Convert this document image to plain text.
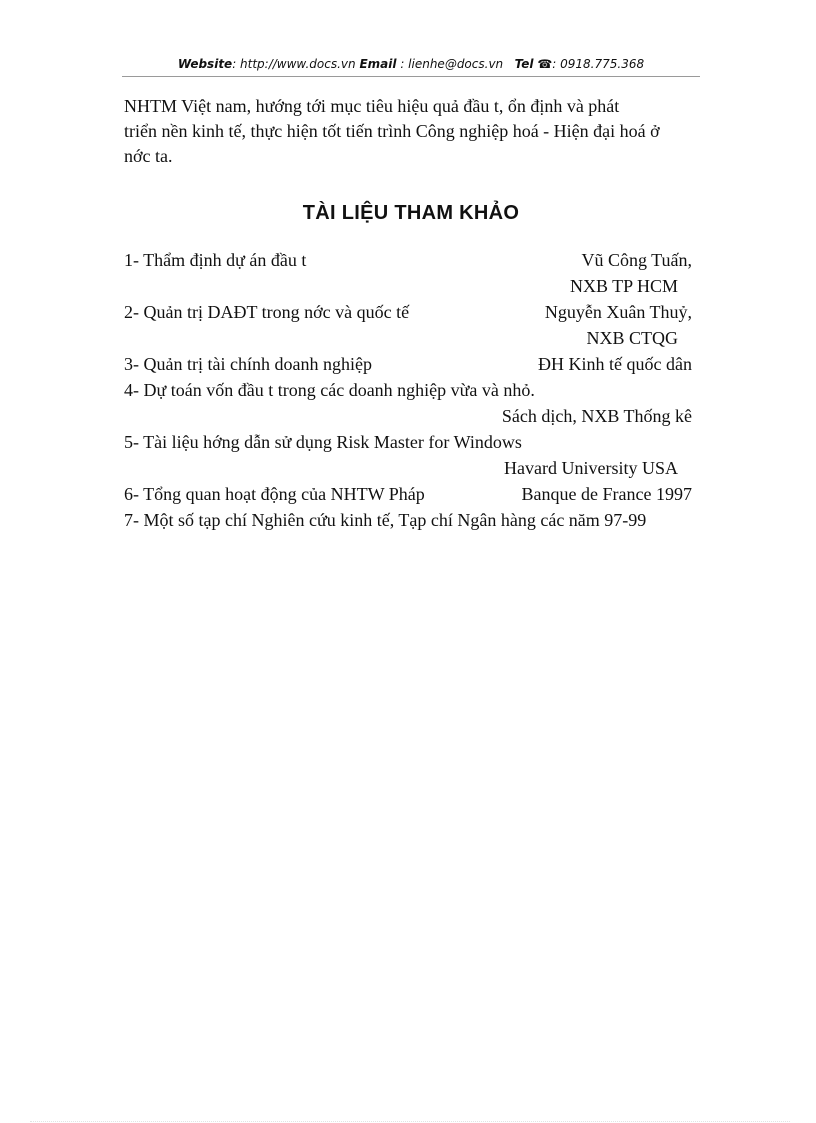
Website: http://www.docs.vn Email : lienhe@docs.vn Tel ☎: 0918.775.368
NHTM Việt nam, hướng tới mục tiêu hiệu quả đầu t, ổn định và phát
triển nền kinh tế, thực hiện tốt tiến trình Công nghiệp hoá - Hiện đại hoá ở
nớc ta.
TÀI LIỆU THAM KHẢO
1- Thẩm định dự án đầu t	Vũ Công Tuấn,
NXB TP HCM
2- Quản trị DAĐT trong nớc và quốc tế	Nguyễn Xuân Thuỷ,
NXB CTQG
3- Quản trị tài chính doanh nghiệp	ĐH Kinh tế quốc dân
4- Dự toán vốn đầu t trong các doanh nghiệp vừa và nhỏ.
Sách dịch, NXB Thống kê
5- Tài liệu hớng dẫn sử dụng Risk Master for Windows
Havard University USA
6- Tổng quan hoạt động của NHTW Pháp	Banque de France 1997
7- Một số tạp chí Nghiên cứu kinh tế, Tạp chí Ngân hàng các năm 97-99
